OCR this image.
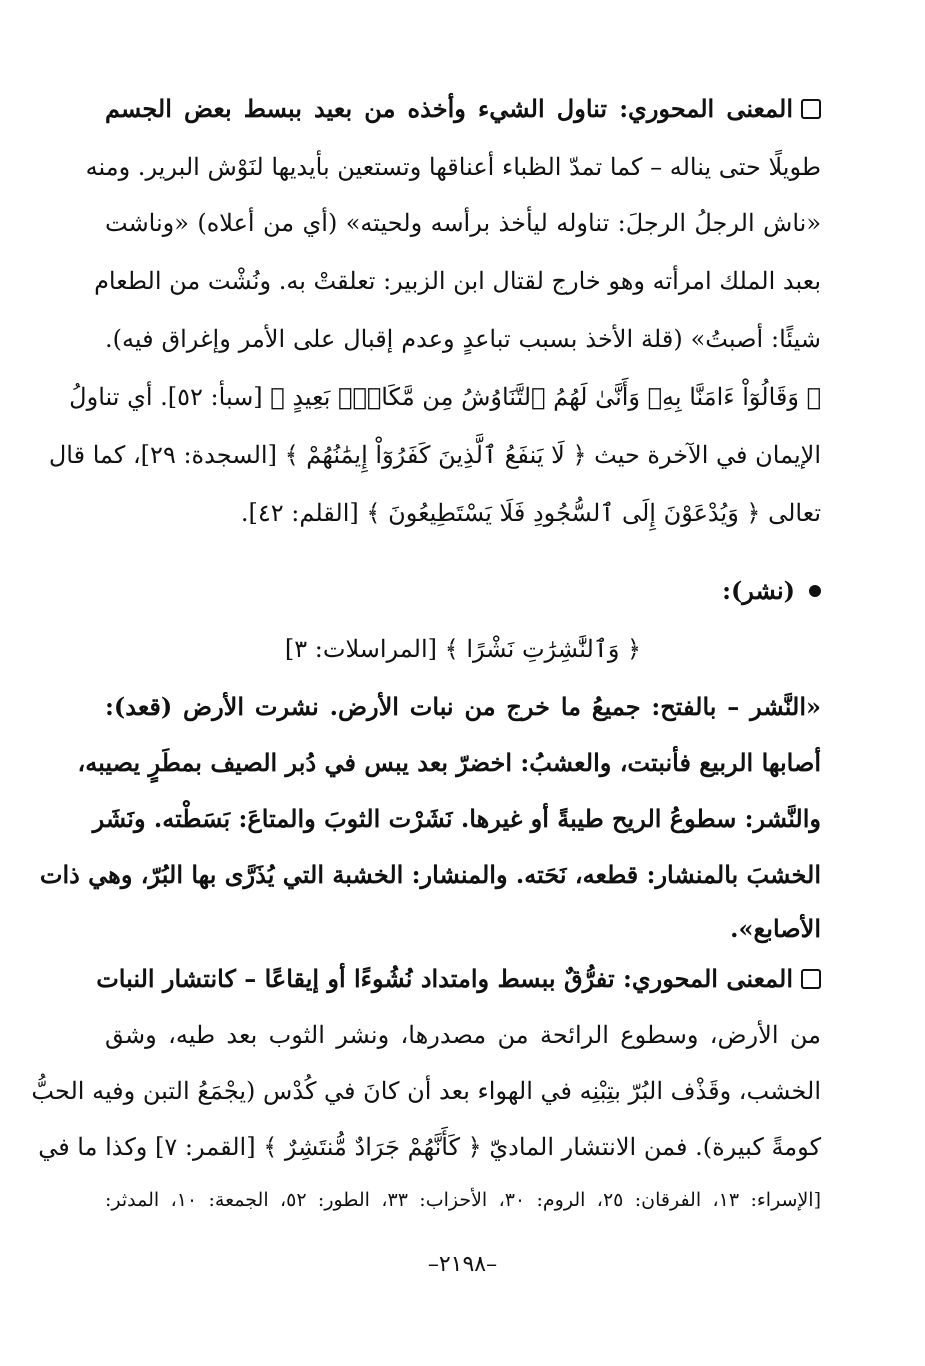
المعنى المحوري: تناول الشيء وأخذه من بعيد ببسط بعض الجسم
طويلًا حتى يناله – كما تمدّ الظباء أعناقها وتستعين بأيديها لنَوْش البرير. ومنه
«ناش الرجلُ الرجلَ: تناوله ليأخذ برأسه ولحيته» (أي من أعلاه) «وناشت
بعبد الملك امرأته وهو خارج لقتال ابن الزبير: تعلقتْ به. ونُشْت من الطعام
شيئًا: أصبتُ» (قلة الأخذ بسبب تباعدٍ وعدم إقبال على الأمر وإغراق فيه).
﴿ وَقَالُوٓاْ ءَامَنَّا بِهِۦ وَأَنَّىٰ لَهُمُ ٱلتَّنَاوُشُ مِن مَّكَانٍۭ بَعِيدٍ ﴾ [سبأ: ٥٢]. أي تناولُ
الإيمان في الآخرة حيث ﴿ لَا يَنفَعُ ٱلَّذِينَ كَفَرُوٓاْ إِيمَٰنُهُمْ ﴾ [السجدة: ٢٩]، كما قال
تعالى ﴿ وَيُدْعَوْنَ إِلَى ٱلسُّجُودِ فَلَا يَسْتَطِيعُونَ ﴾ [القلم: ٤٢].
(نشر):
﴿ وَٱلنَّٰشِرَٰتِ نَشْرًا ﴾ [المراسلات: ٣]
«النَّشر – بالفتح: جميعُ ما خرج من نبات الأرض. نشرت الأرض (قعد):
أصابها الربيع فأنبتت، والعشبُ: اخضرّ بعد يبس في دُبر الصيف بمطَرٍ يصيبه،
والنَّشر: سطوعُ الريح طيبةً أو غيرها. نَشَرْت الثوبَ والمتاعَ: بَسَطْته. ونَشَر
الخشبَ بالمنشار: قطعه، نَحَته. والمنشار: الخشبة التي يُذَرَّى بها البُرّ، وهي ذات
الأصابع».
المعنى المحوري: تفرُّقٌ ببسط وامتداد نُشُوءًا أو إيقاعًا – كانتشار النبات
من الأرض، وسطوع الرائحة من مصدرها، ونشر الثوب بعد طيه، وشق
الخشب، وقَذْف البُرّ بتِبْنِه في الهواء بعد أن كانَ في كُدْس (يجْمَعُ التبن وفيه الحبُّ
كومةً كبيرة). فمن الانتشار الماديّ ﴿ كَأَنَّهُمْ جَرَادٌ مُّنتَشِرٌ ﴾ [القمر: ٧] وكذا ما في
[الإسراء: ١٣، الفرقان: ٢٥، الروم: ٣٠، الأحزاب: ٣٣، الطور: ٥٢، الجمعة: ١٠، المدثر:
–٢١٩٨–
